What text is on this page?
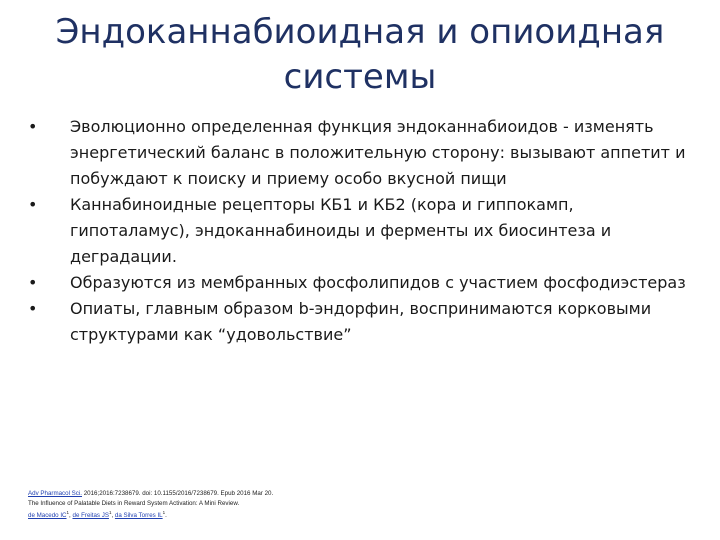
Эндоканнабиоидная и опиоидная
системы
• Эволюционно определенная функция эндоканнабиоидов - изменять энергетический баланс в положительную сторону: вызывают аппетит и побуждают к поиску и приему особо вкусной пищи
• Каннабиноидные рецепторы КБ1 и КБ2 (кора и гиппокамп, гипоталамус), эндоканнабиноиды и ферменты их биосинтеза и деградации.
• Образуются из мембранных фосфолипидов с участием фосфодиэстераз
• Опиаты, главным образом b-эндорфин, воспринимаются корковыми структурами как “удовольствие”
Adv Pharmacol Sci. 2016;2016:7238679. doi: 10.1155/2016/7238679. Epub 2016 Mar 20.
The Influence of Palatable Diets in Reward System Activation: A Mini Review.
de Macedo $IC^1$, de Freitas $JS^1$, da Silva Torres $IL^1$.
